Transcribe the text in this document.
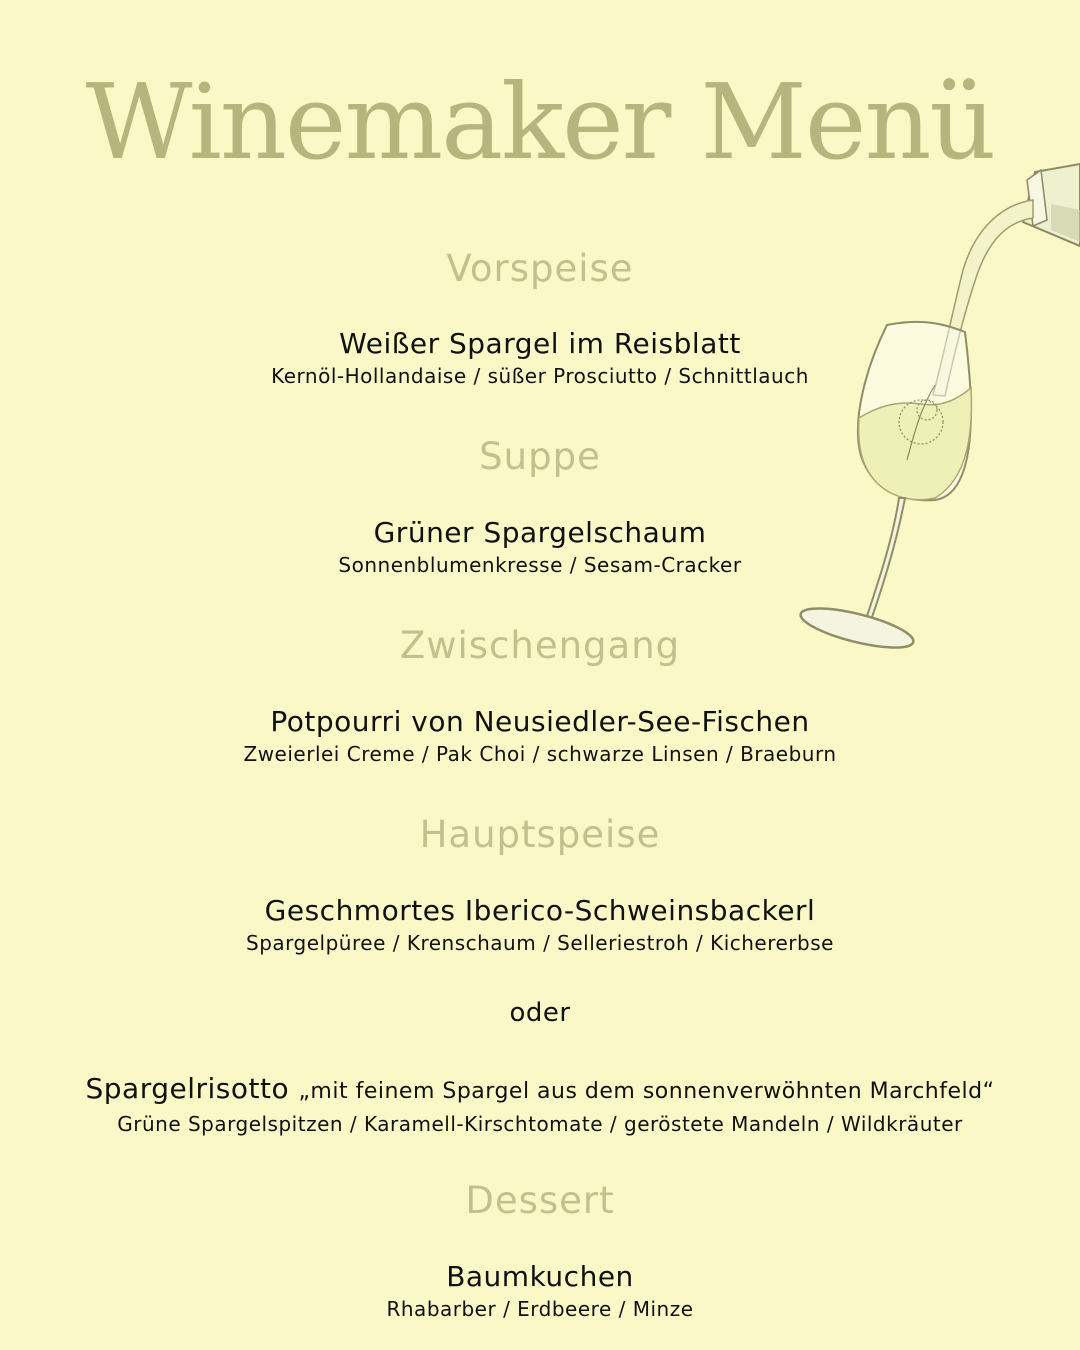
Winemaker Menü
Vorspeise
Weißer Spargel im Reisblatt
Kernöl-Hollandaise / süßer Prosciutto / Schnittlauch
Suppe
Grüner Spargelschaum
Sonnenblumenkresse / Sesam-Cracker
Zwischengang
Potpourri von Neusiedler-See-Fischen
Zweierlei Creme / Pak Choi / schwarze Linsen / Braeburn
Hauptspeise
Geschmortes Iberico-Schweinsbackerl
Spargelpüree / Krenschaum / Selleriestroh / Kichererbse
oder
Spargelrisotto „mit feinem Spargel aus dem sonnenverwöhnten Marchfeld“
Grüne Spargelspitzen / Karamell-Kirschtomate / geröstete Mandeln / Wildkräuter
Dessert
Baumkuchen
Rhabarber / Erdbeere / Minze
